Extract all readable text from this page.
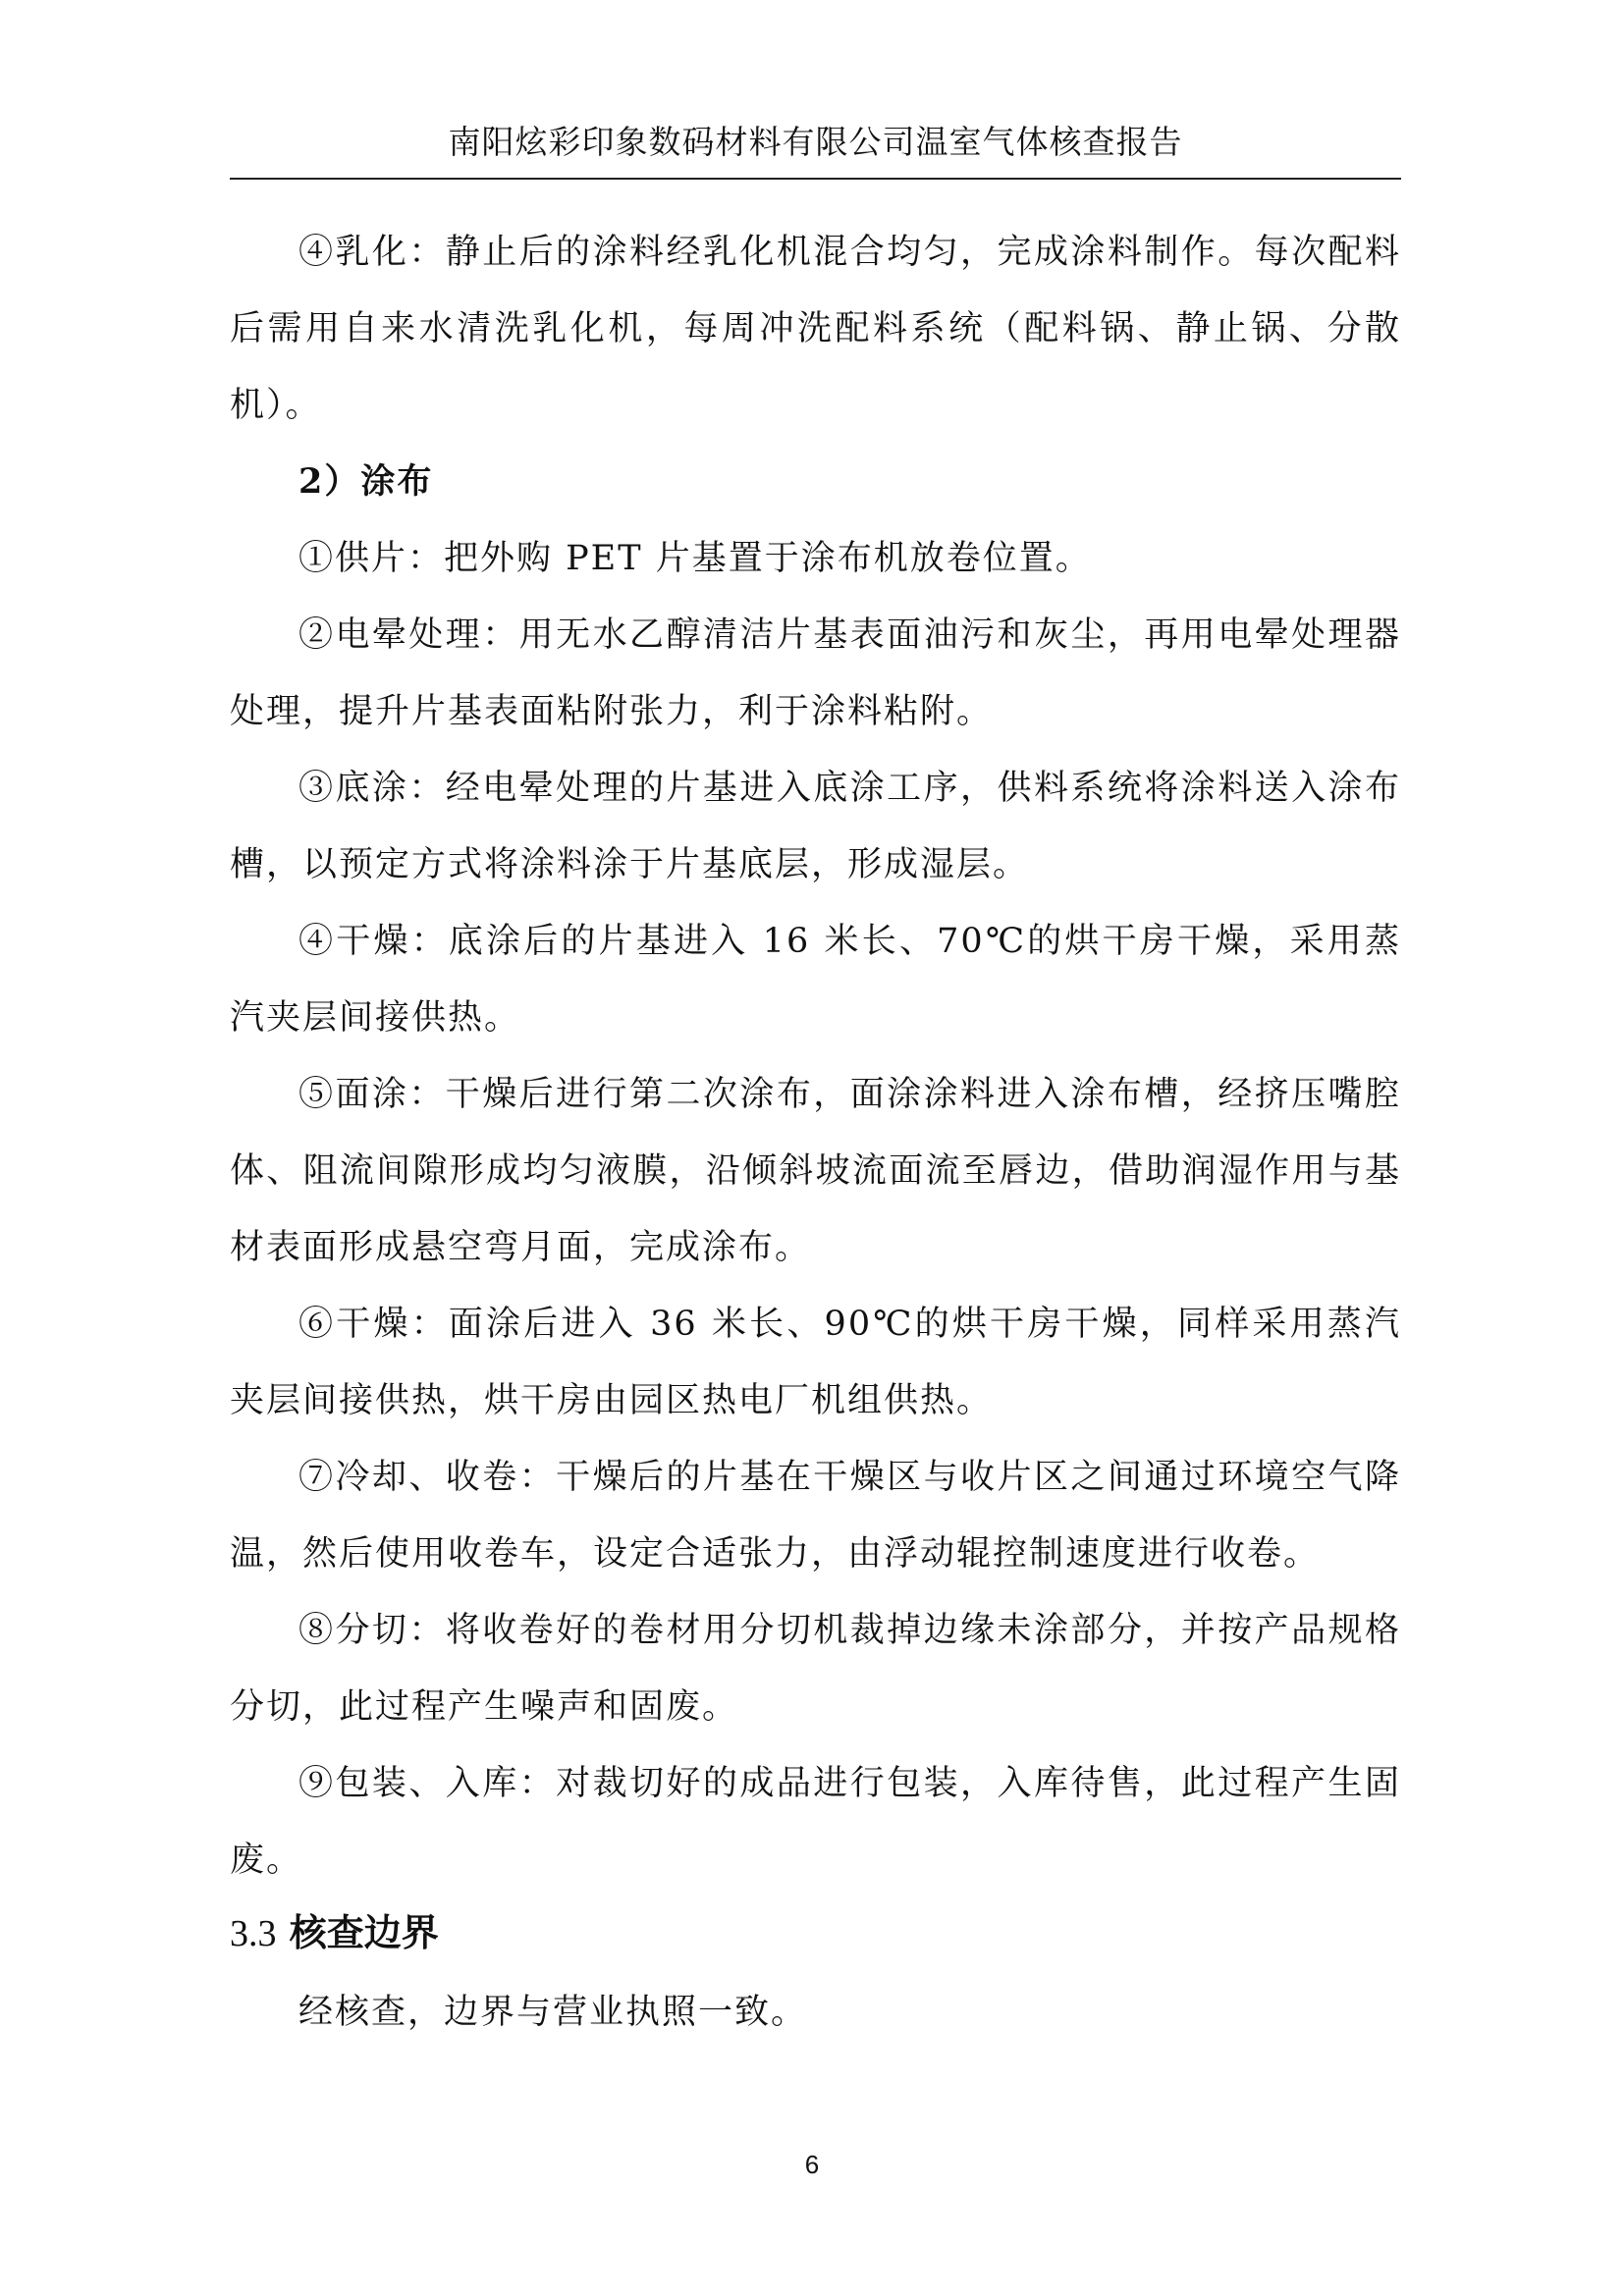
南阳炫彩印象数码材料有限公司温室气体核查报告

④乳化：静止后的涂料经乳化机混合均匀，完成涂料制作。每次配料后需用自来水清洗乳化机，每周冲洗配料系统（配料锅、静止锅、分散机）。

2）涂布

①供片：把外购 PET 片基置于涂布机放卷位置。

②电晕处理：用无水乙醇清洁片基表面油污和灰尘，再用电晕处理器处理，提升片基表面粘附张力，利于涂料粘附。

③底涂：经电晕处理的片基进入底涂工序，供料系统将涂料送入涂布槽，以预定方式将涂料涂于片基底层，形成湿层。

④干燥：底涂后的片基进入 16 米长、70℃的烘干房干燥，采用蒸汽夹层间接供热。

⑤面涂：干燥后进行第二次涂布，面涂涂料进入涂布槽，经挤压嘴腔体、阻流间隙形成均匀液膜，沿倾斜坡流面流至唇边，借助润湿作用与基材表面形成悬空弯月面，完成涂布。

⑥干燥：面涂后进入 36 米长、90℃的烘干房干燥，同样采用蒸汽夹层间接供热，烘干房由园区热电厂机组供热。

⑦冷却、收卷：干燥后的片基在干燥区与收片区之间通过环境空气降温，然后使用收卷车，设定合适张力，由浮动辊控制速度进行收卷。

⑧分切：将收卷好的卷材用分切机裁掉边缘未涂部分，并按产品规格分切，此过程产生噪声和固废。

⑨包装、入库：对裁切好的成品进行包装，入库待售，此过程产生固废。

3.3 核查边界

经核查，边界与营业执照一致。

6
